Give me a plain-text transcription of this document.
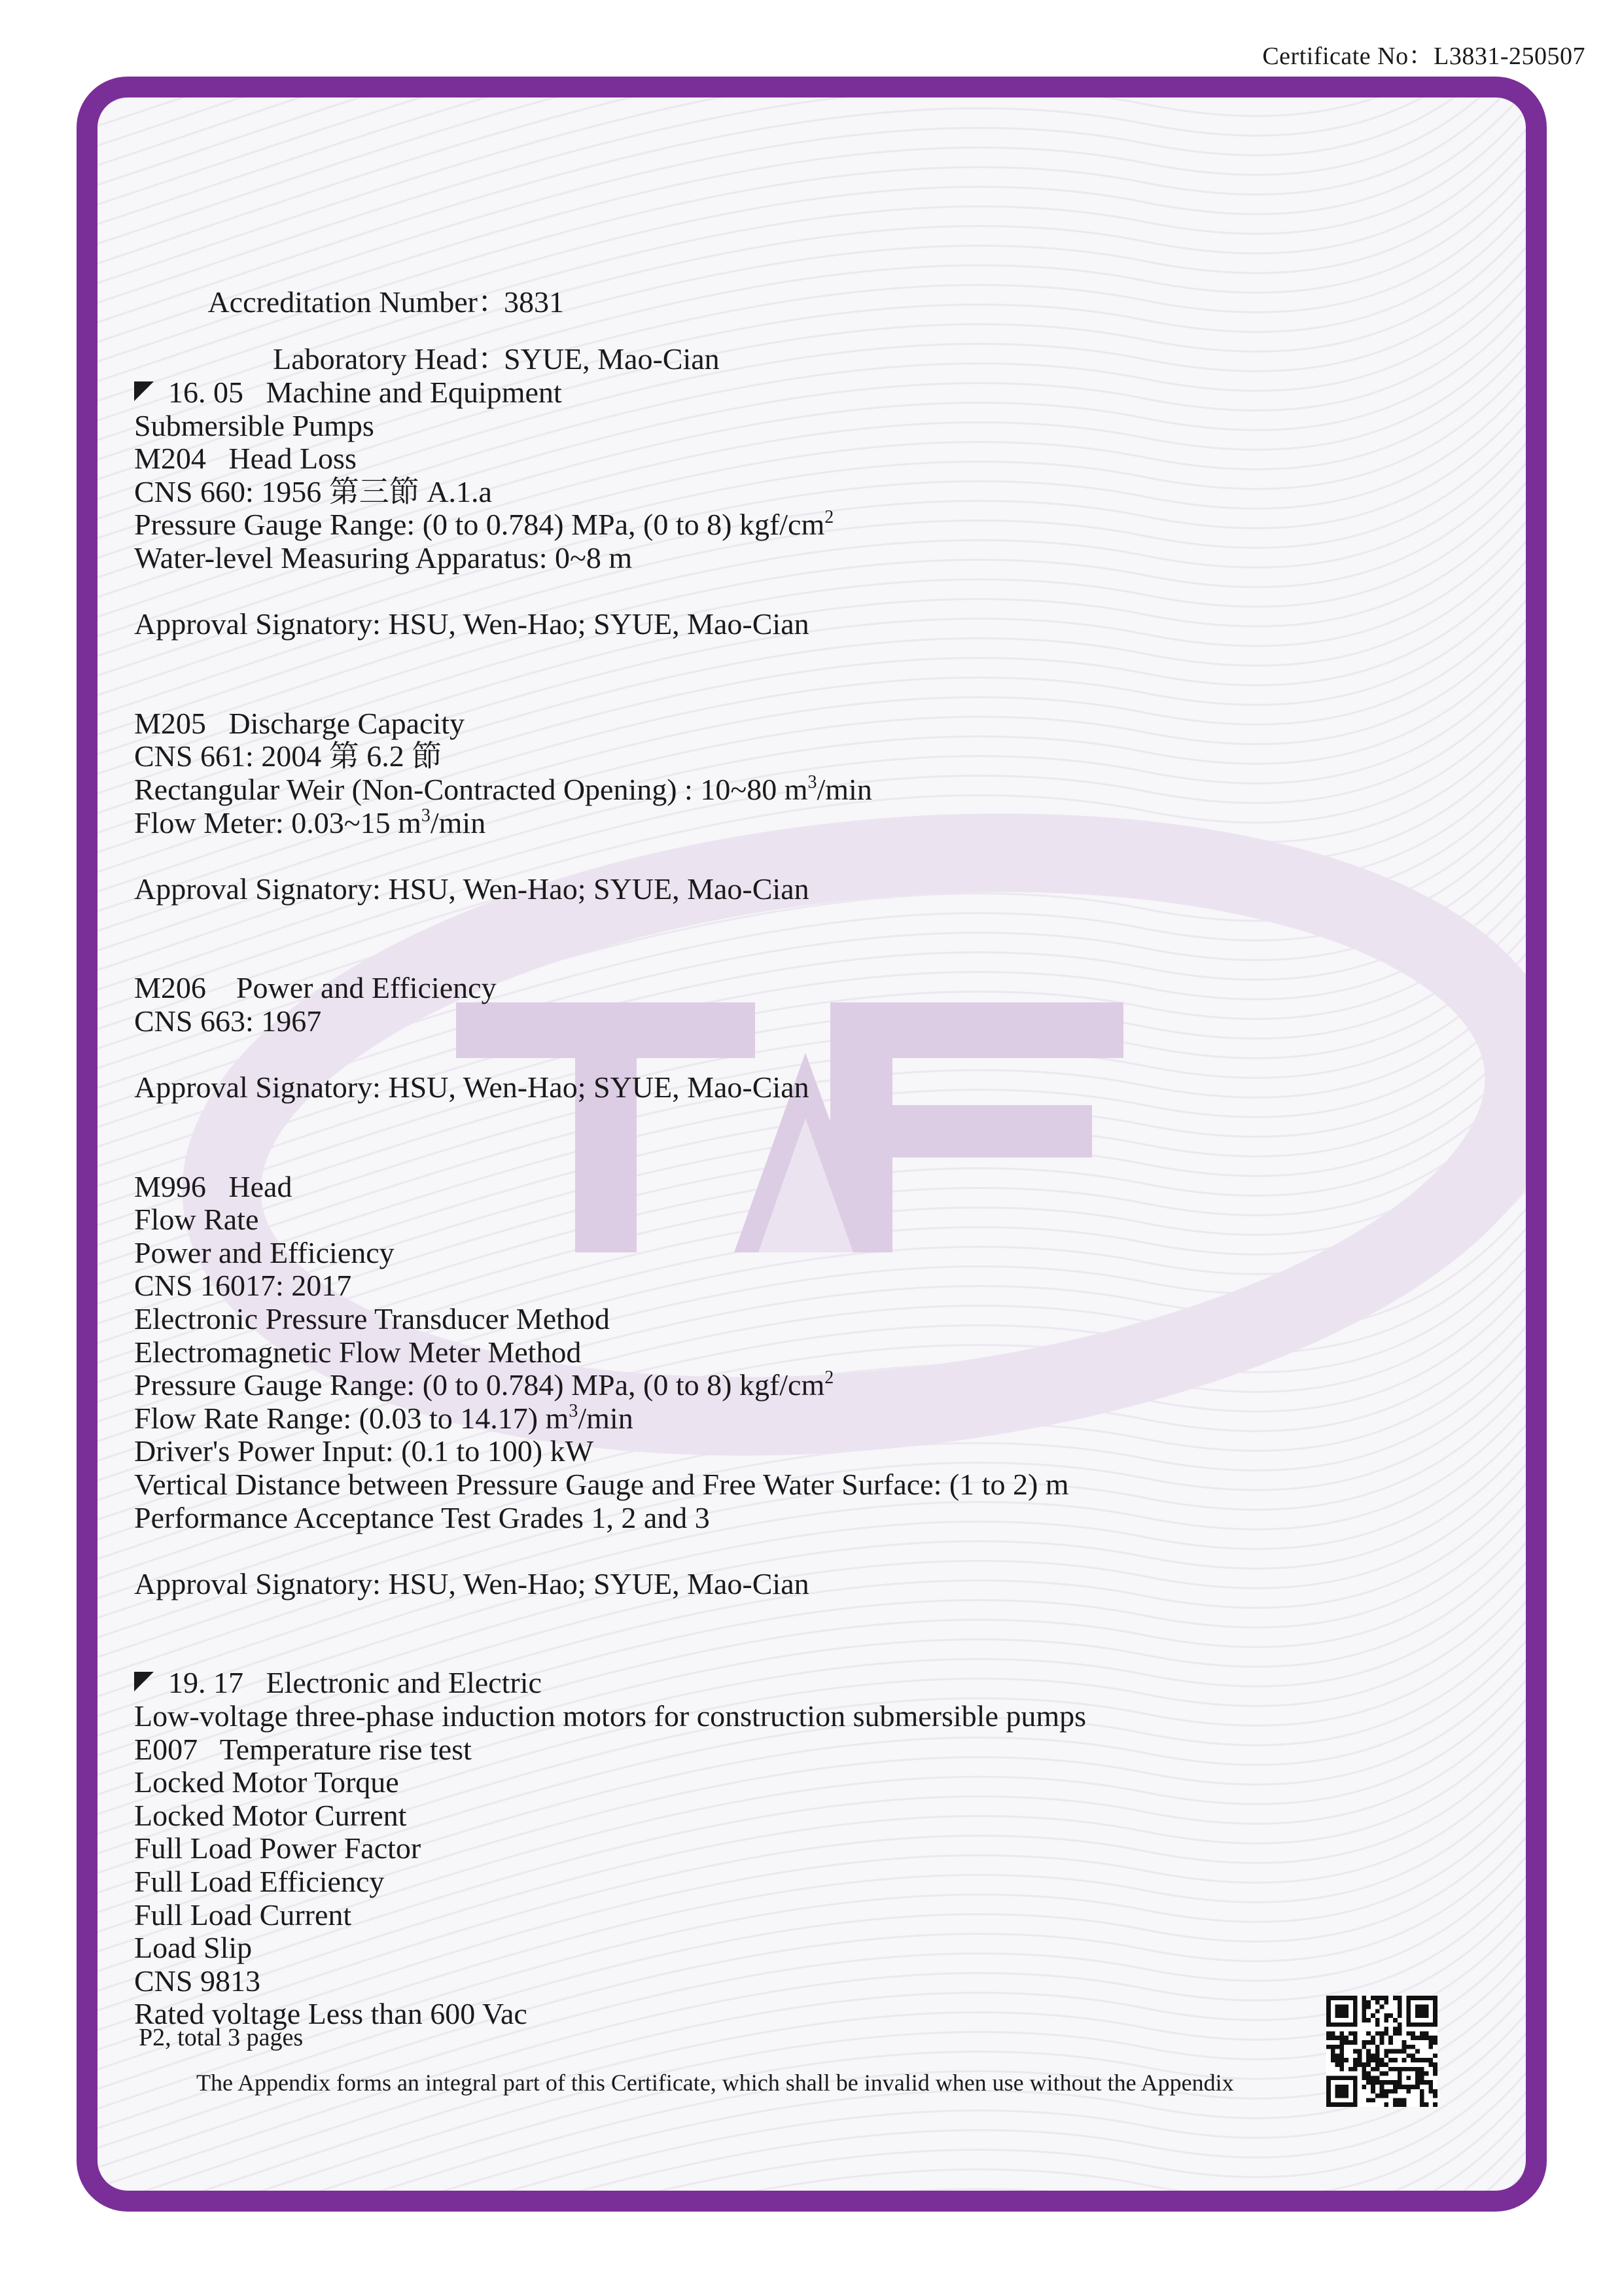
Certificate No：L3831-250507
Accreditation Number：3831
Laboratory Head：SYUE, Mao-Cian
16. 05   Machine and Equipment
Submersible Pumps
M204   Head Loss
CNS 660: 1956 第三節 A.1.a
Pressure Gauge Range: (0 to 0.784) MPa, (0 to 8) kgf/$cm^2$
Water-level Measuring Apparatus: 0~8 m
Approval Signatory: HSU, Wen-Hao; SYUE, Mao-Cian
M205   Discharge Capacity
CNS 661: 2004 第 6.2 節
Rectangular Weir (Non-Contracted Opening) : 10~80 $m^3/\min$
Flow Meter: 0.03~15 $m^3/\min$
Approval Signatory: HSU, Wen-Hao; SYUE, Mao-Cian
M206    Power and Efficiency
CNS 663: 1967
Approval Signatory: HSU, Wen-Hao; SYUE, Mao-Cian
M996   Head
Flow Rate
Power and Efficiency
CNS 16017: 2017
Electronic Pressure Transducer Method
Electromagnetic Flow Meter Method
Pressure Gauge Range: (0 to 0.784) MPa, (0 to 8) kgf/$cm^2$
Flow Rate Range: (0.03 to 14.17) $m^3/\min$
Driver's Power Input: (0.1 to 100) kW
Vertical Distance between Pressure Gauge and Free Water Surface: (1 to 2) m
Performance Acceptance Test Grades 1, 2 and 3
Approval Signatory: HSU, Wen-Hao; SYUE, Mao-Cian
19. 17   Electronic and Electric
Low-voltage three-phase induction motors for construction submersible pumps
E007   Temperature rise test
Locked Motor Torque
Locked Motor Current
Full Load Power Factor
Full Load Efficiency
Full Load Current
Load Slip
CNS 9813
Rated voltage Less than 600 Vac
P2, total 3 pages
The Appendix forms an integral part of this Certificate, which shall be invalid when use without the Appendix
